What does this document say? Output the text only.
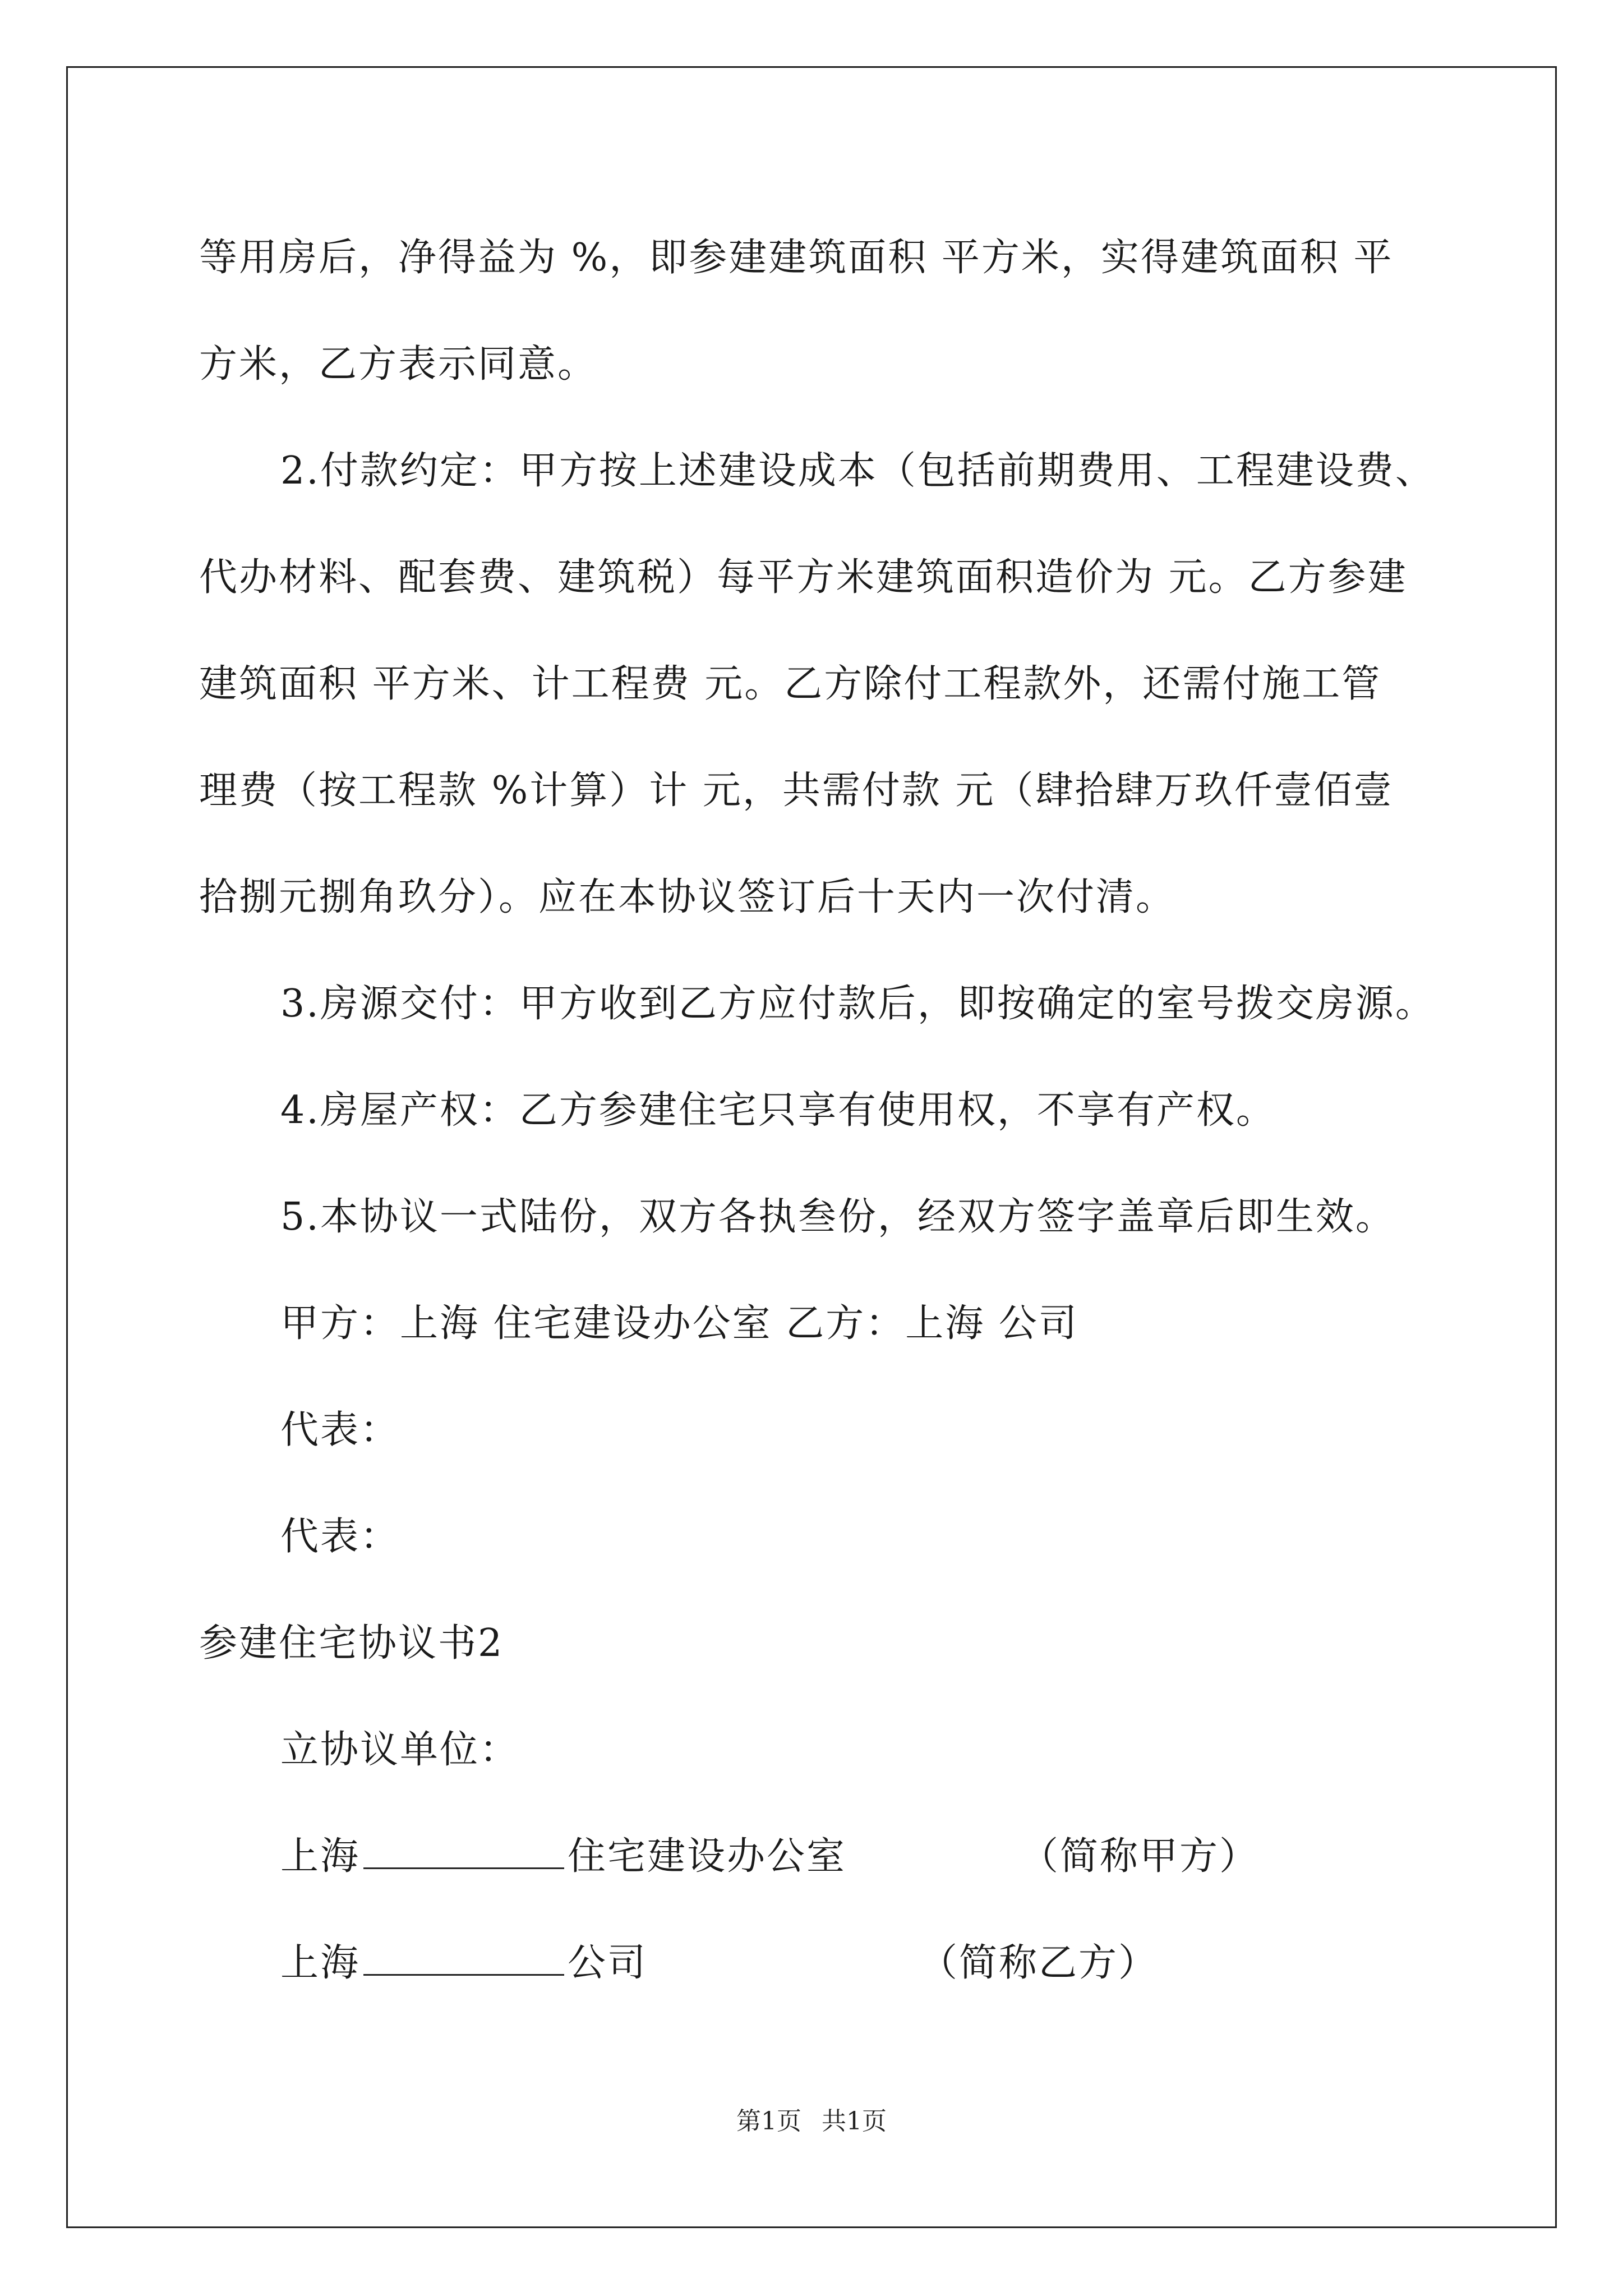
等用房后，净得益为 %，即参建建筑面积 平方米，实得建筑面积 平
方米，乙方表示同意。
2.付款约定：甲方按上述建设成本（包括前期费用、工程建设费、
代办材料、配套费、建筑税）每平方米建筑面积造价为 元。乙方参建
建筑面积 平方米、计工程费 元。乙方除付工程款外，还需付施工管
理费（按工程款 %计算）计 元，共需付款 元（肆拾肆万玖仟壹佰壹
拾捌元捌角玖分）。应在本协议签订后十天内一次付清。
3.房源交付：甲方收到乙方应付款后，即按确定的室号拨交房源。
4.房屋产权：乙方参建住宅只享有使用权，不享有产权。
5.本协议一式陆份，双方各执叁份，经双方签字盖章后即生效。
甲方：上海 住宅建设办公室 乙方：上海 公司
代表：
代表：
参建住宅协议书2
立协议单位：
上海	住宅建设办公室	（简称甲方）
上海	公司	（简称乙方）
第1页 共1页
